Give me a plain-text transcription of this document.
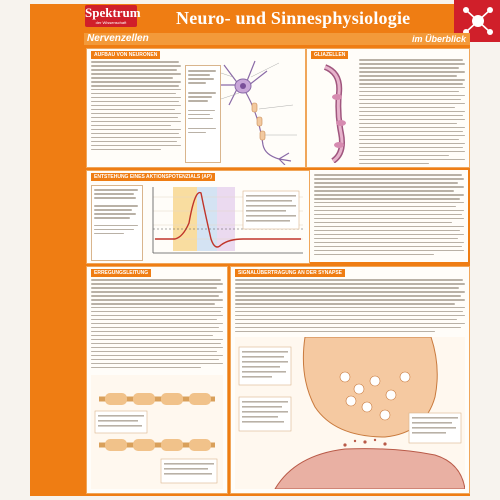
Spektrum
der Wissenschaft	Neuro- und Sinnesphysiologie
Nervenzellen	im Überblick
AUFBAU VON NEURONEN	GLIAZELLEN
ENTSTEHUNG EINES AKTIONSPOTENZIALS (AP)
ERREGUNGSLEITUNG	SIGNALÜBERTRAGUNG AN DER SYNAPSE
